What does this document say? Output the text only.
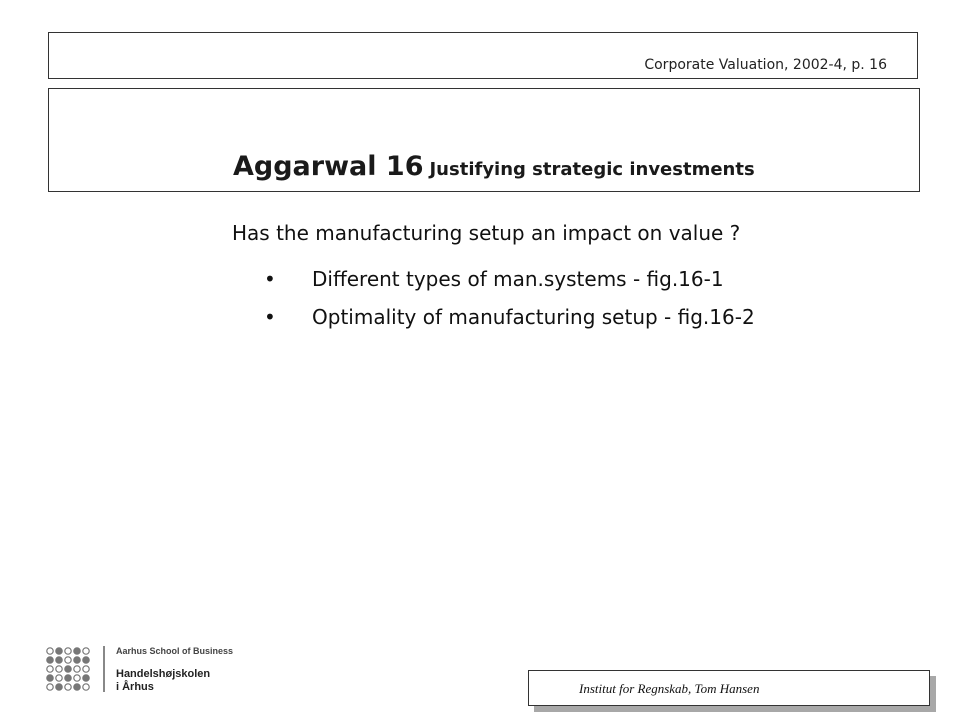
Corporate Valuation, 2002-4, p. 16
Aggarwal 16 Justifying strategic investments

Has the manufacturing setup an impact on value ?

• Different types of man.systems - fig.16-1
• Optimality of manufacturing setup - fig.16-2
Aarhus School of Business
Handelshøjskolen
i Århus	Institut for Regnskab, Tom Hansen
